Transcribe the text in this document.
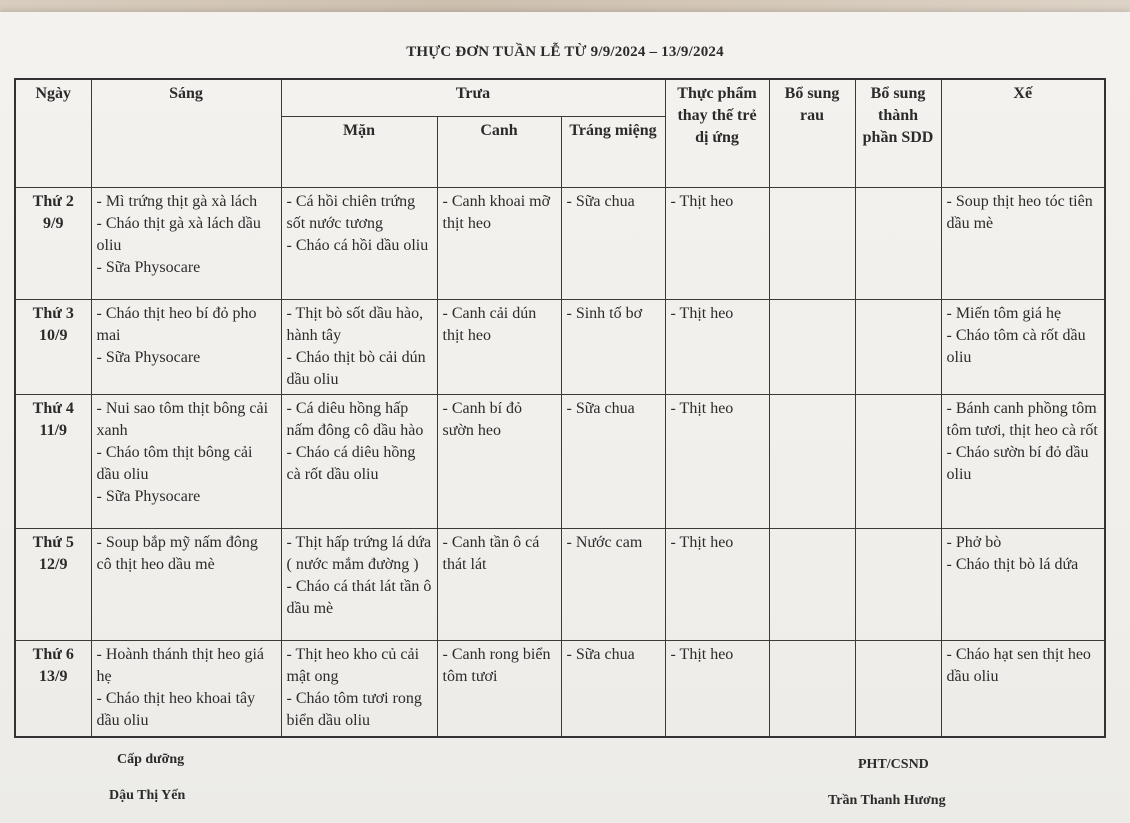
THỰC ĐƠN TUẦN LỄ TỪ 9/9/2024 – 13/9/2024
Ngày	Sáng	Trưa			Thực phẩm thay thế trẻ dị ứng	Bổ sung rau	Bổ sung thành phần SDD	Xế
		Mặn	Canh	Tráng miệng				

Thứ 2
9/9	- Mì trứng thịt gà xà lách
- Cháo thịt gà xà lách dầu oliu
- Sữa Physocare	- Cá hồi chiên trứng sốt nước tương
- Cháo cá hồi dầu oliu	- Canh khoai mỡ thịt heo	- Sữa chua	- Thịt heo			- Soup thịt heo tóc tiên dầu mè

Thứ 3
10/9	- Cháo thịt heo bí đỏ pho mai
- Sữa Physocare	- Thịt bò sốt dầu hào, hành tây
- Cháo thịt bò cải dún dầu oliu	- Canh cải dún thịt heo	- Sinh tố bơ	- Thịt heo			- Miến tôm giá hẹ
- Cháo tôm cà rốt dầu oliu

Thứ 4
11/9	- Nui sao tôm thịt bông cải xanh
- Cháo tôm thịt bông cải dầu oliu
- Sữa Physocare	- Cá diêu hồng hấp nấm đông cô dầu hào
- Cháo cá diêu hồng cà rốt dầu oliu	- Canh bí đỏ sườn heo	- Sữa chua	- Thịt heo			- Bánh canh phồng tôm tôm tươi, thịt heo cà rốt
- Cháo sườn bí đỏ dầu oliu

Thứ 5
12/9	- Soup bắp mỹ nấm đông cô thịt heo dầu mè	- Thịt hấp trứng lá dứa ( nước mắm đường )
- Cháo cá thát lát tần ô dầu mè	- Canh tần ô cá thát lát	- Nước cam	- Thịt heo			- Phở bò
- Cháo thịt bò lá dứa

Thứ 6
13/9	- Hoành thánh thịt heo giá hẹ
- Cháo thịt heo khoai tây dầu oliu	- Thịt heo kho củ cải mật ong
- Cháo tôm tươi rong biển dầu oliu	- Canh rong biển tôm tươi	- Sữa chua	- Thịt heo			- Cháo hạt sen thịt heo dầu oliu
Cấp dưỡng
Dậu Thị Yến
PHT/CSND
Trần Thanh Hương
